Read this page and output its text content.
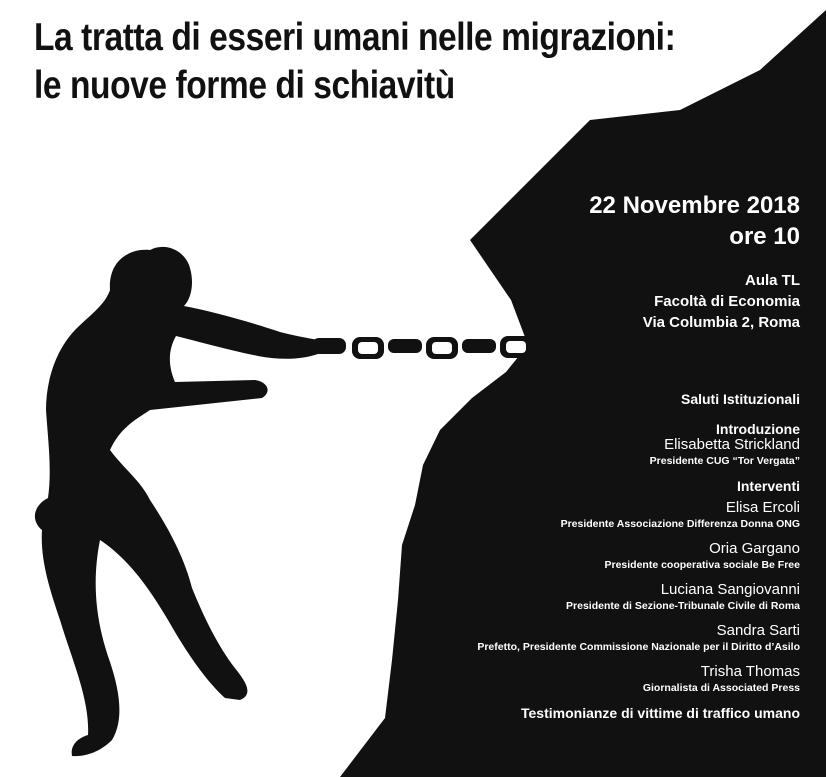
La tratta di esseri umani nelle migrazioni:
le nuove forme di schiavitù
22 Novembre 2018
ore 10
Aula TL
Facoltà di Economia
Via Columbia 2, Roma
Saluti Istituzionali
Introduzione
Elisabetta Strickland
Presidente CUG “Tor Vergata”
Interventi
Elisa Ercoli
Presidente Associazione Differenza Donna ONG
Oria Gargano
Presidente cooperativa sociale Be Free
Luciana Sangiovanni
Presidente di Sezione-Tribunale Civile di Roma
Sandra Sarti
Prefetto, Presidente Commissione Nazionale per il Diritto d’Asilo
Trisha Thomas
Giornalista di Associated Press
Testimonianze di vittime di traffico umano
